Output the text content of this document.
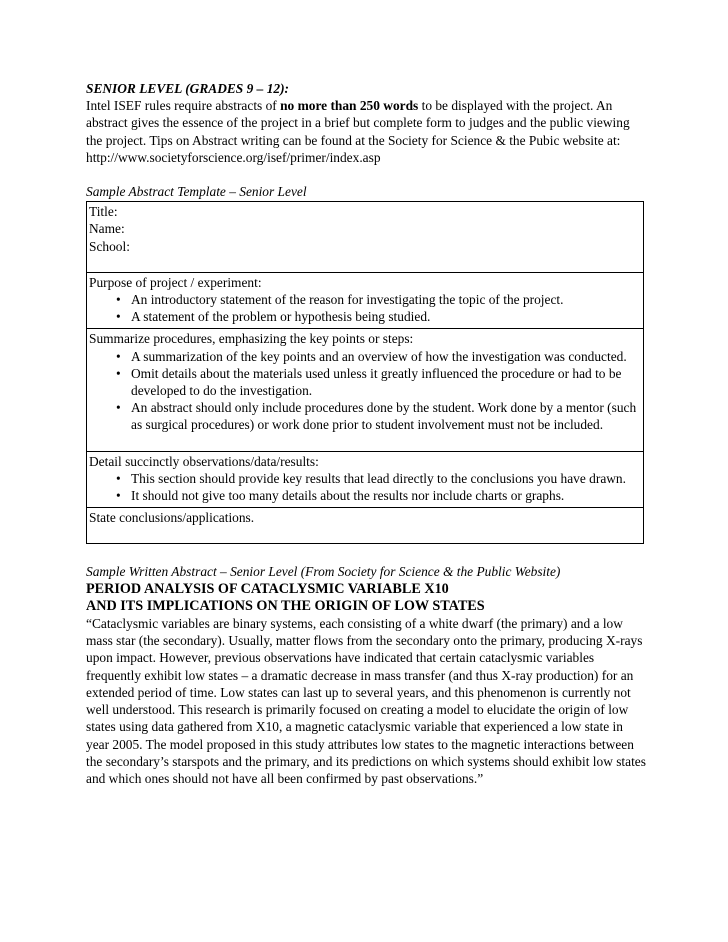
SENIOR LEVEL (GRADES 9 – 12):

Intel ISEF rules require abstracts of no more than 250 words to be displayed with the project. An abstract gives the essence of the project in a brief but complete form to judges and the public viewing the project. Tips on Abstract writing can be found at the Society for Science & the Pubic website at: http://www.societyforscience.org/isef/primer/index.asp

Sample Abstract Template – Senior Level

Title:
Name:
School:

Purpose of project / experiment:
• An introductory statement of the reason for investigating the topic of the project.
• A statement of the problem or hypothesis being studied.

Summarize procedures, emphasizing the key points or steps:
• A summarization of the key points and an overview of how the investigation was conducted.
• Omit details about the materials used unless it greatly influenced the procedure or had to be developed to do the investigation.
• An abstract should only include procedures done by the student. Work done by a mentor (such as surgical procedures) or work done prior to student involvement must not be included.

Detail succinctly observations/data/results:
• This section should provide key results that lead directly to the conclusions you have drawn.
• It should not give too many details about the results nor include charts or graphs.

State conclusions/applications.

Sample Written Abstract – Senior Level (From Society for Science & the Public Website)

PERIOD ANALYSIS OF CATACLYSMIC VARIABLE X10

AND ITS IMPLICATIONS ON THE ORIGIN OF LOW STATES

“Cataclysmic variables are binary systems, each consisting of a white dwarf (the primary) and a low mass star (the secondary). Usually, matter flows from the secondary onto the primary, producing X-rays upon impact. However, previous observations have indicated that certain cataclysmic variables frequently exhibit low states – a dramatic decrease in mass transfer (and thus X-ray production) for an extended period of time. Low states can last up to several years, and this phenomenon is currently not well understood. This research is primarily focused on creating a model to elucidate the origin of low states using data gathered from X10, a magnetic cataclysmic variable that experienced a low state in year 2005. The model proposed in this study attributes low states to the magnetic interactions between the secondary’s starspots and the primary, and its predictions on which systems should exhibit low states and which ones should not have all been confirmed by past observations.”
